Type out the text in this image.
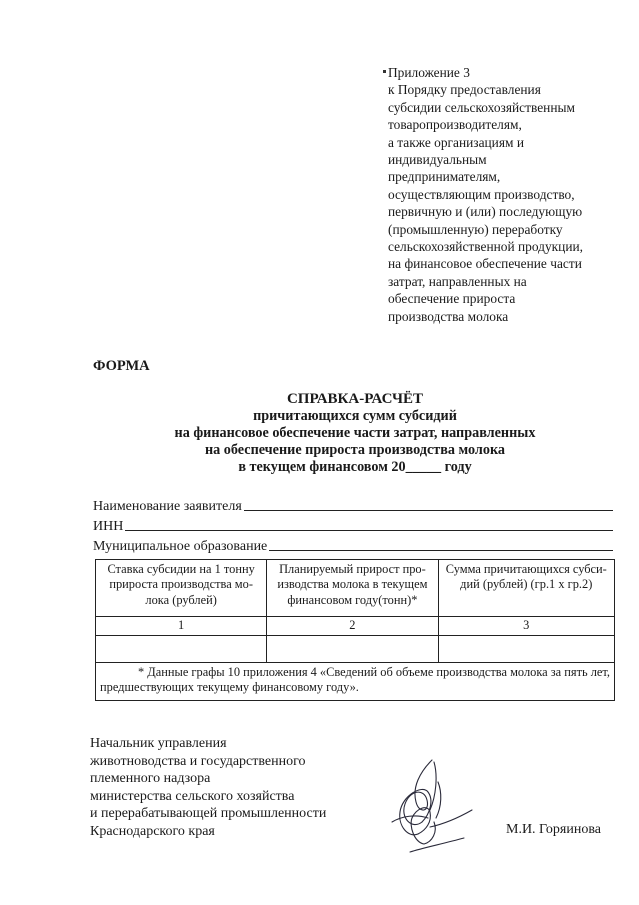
Приложение 3
к Порядку предоставления
субсидии сельскохозяйственным
товаропроизводителям,
а также организациям и
индивидуальным
предпринимателям,
осуществляющим производство,
первичную и (или) последующую
(промышленную) переработку
сельскохозяйственной продукции,
на финансовое обеспечение части
затрат, направленных на
обеспечение прироста
производства молока
ФОРМА
СПРАВКА-РАСЧЁТ
причитающихся сумм субсидий
на финансовое обеспечение части затрат, направленных
на обеспечение прироста производства молока
в текущем финансовом 20_____ году
Наименование заявителя
ИНН
Муниципальное образование
Ставка субсидии на 1 тонну прироста производства мо-лока (рублей)	Планируемый прирост про-изводства молока в текущем финансовом году(тонн)*	Сумма причитающихся субси-дий (рублей) (гр.1 х гр.2)
1	2	3

* Данные графы 10 приложения 4 «Сведений об объеме производства молока за пять лет, предшествующих текущему финансовому году».		
Начальник управления
животноводства и государственного
племенного надзора
министерства сельского хозяйства
и перерабатывающей промышленности
Краснодарского края	М.И. Горяинова
